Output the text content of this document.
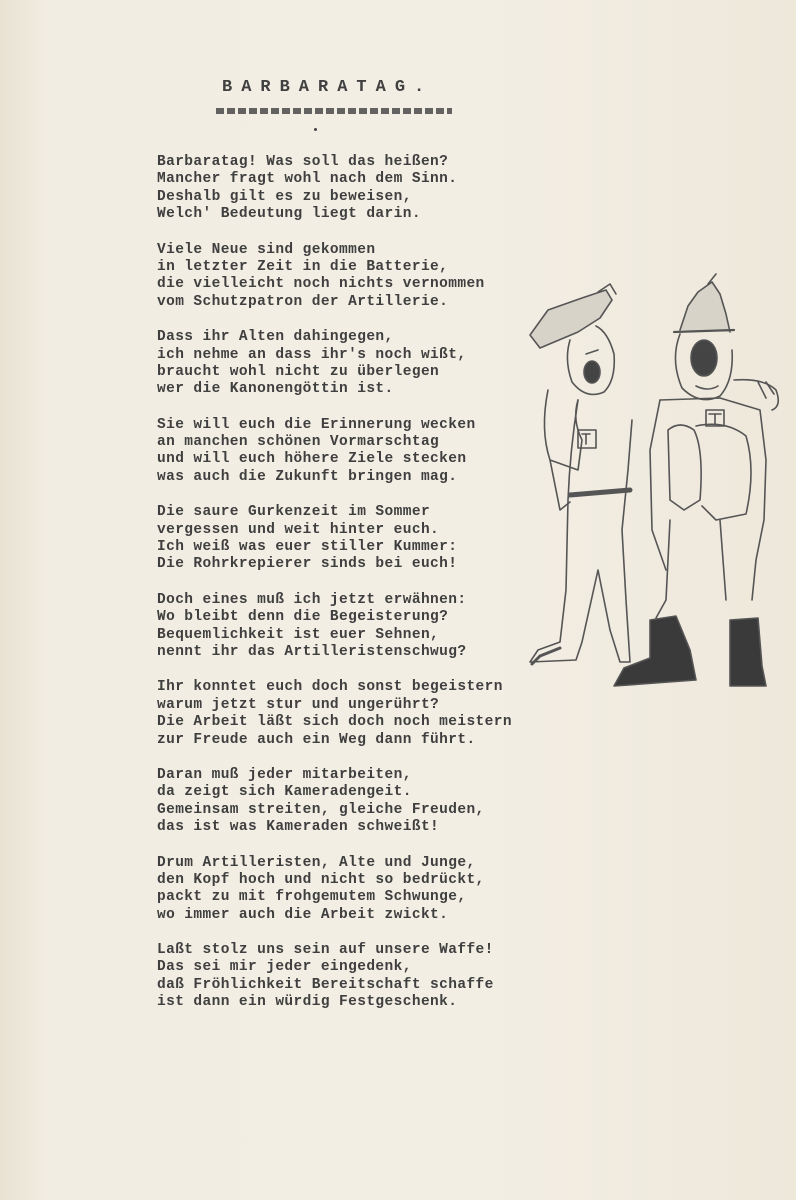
BARBARATAG.
Barbaratag! Was soll das heißen?
Mancher fragt wohl nach dem Sinn.
Deshalb gilt es zu beweisen,
Welch' Bedeutung liegt darin.
Viele Neue sind gekommen
in letzter Zeit in die Batterie,
die vielleicht noch nichts vernommen
vom Schutzpatron der Artillerie.
Dass ihr Alten dahingegen,
ich nehme an dass ihr's noch wißt,
braucht wohl nicht zu überlegen
wer die Kanonengöttin ist.
Sie will euch die Erinnerung wecken
an manchen schönen Vormarschtag
und will euch höhere Ziele stecken
was auch die Zukunft bringen mag.
Die saure Gurkenzeit im Sommer
vergessen und weit hinter euch.
Ich weiß was euer stiller Kummer:
Die Rohrkrepierer sinds bei euch!
Doch eines muß ich jetzt erwähnen:
Wo bleibt denn die Begeisterung?
Bequemlichkeit ist euer Sehnen,
nennt ihr das Artilleristenschwug?
Ihr konntet euch doch sonst begeistern
warum jetzt stur und ungerührt?
Die Arbeit läßt sich doch noch meistern
zur Freude auch ein Weg dann führt.
Daran muß jeder mitarbeiten,
da zeigt sich Kameradengeit.
Gemeinsam streiten, gleiche Freuden,
das ist was Kameraden schweißt!
Drum Artilleristen, Alte und Junge,
den Kopf hoch und nicht so bedrückt,
packt zu mit frohgemutem Schwunge,
wo immer auch die Arbeit zwickt.
Laßt stolz uns sein auf unsere Waffe!
Das sei mir jeder eingedenk,
daß Fröhlichkeit Bereitschaft schaffe
ist dann ein würdig Festgeschenk.
